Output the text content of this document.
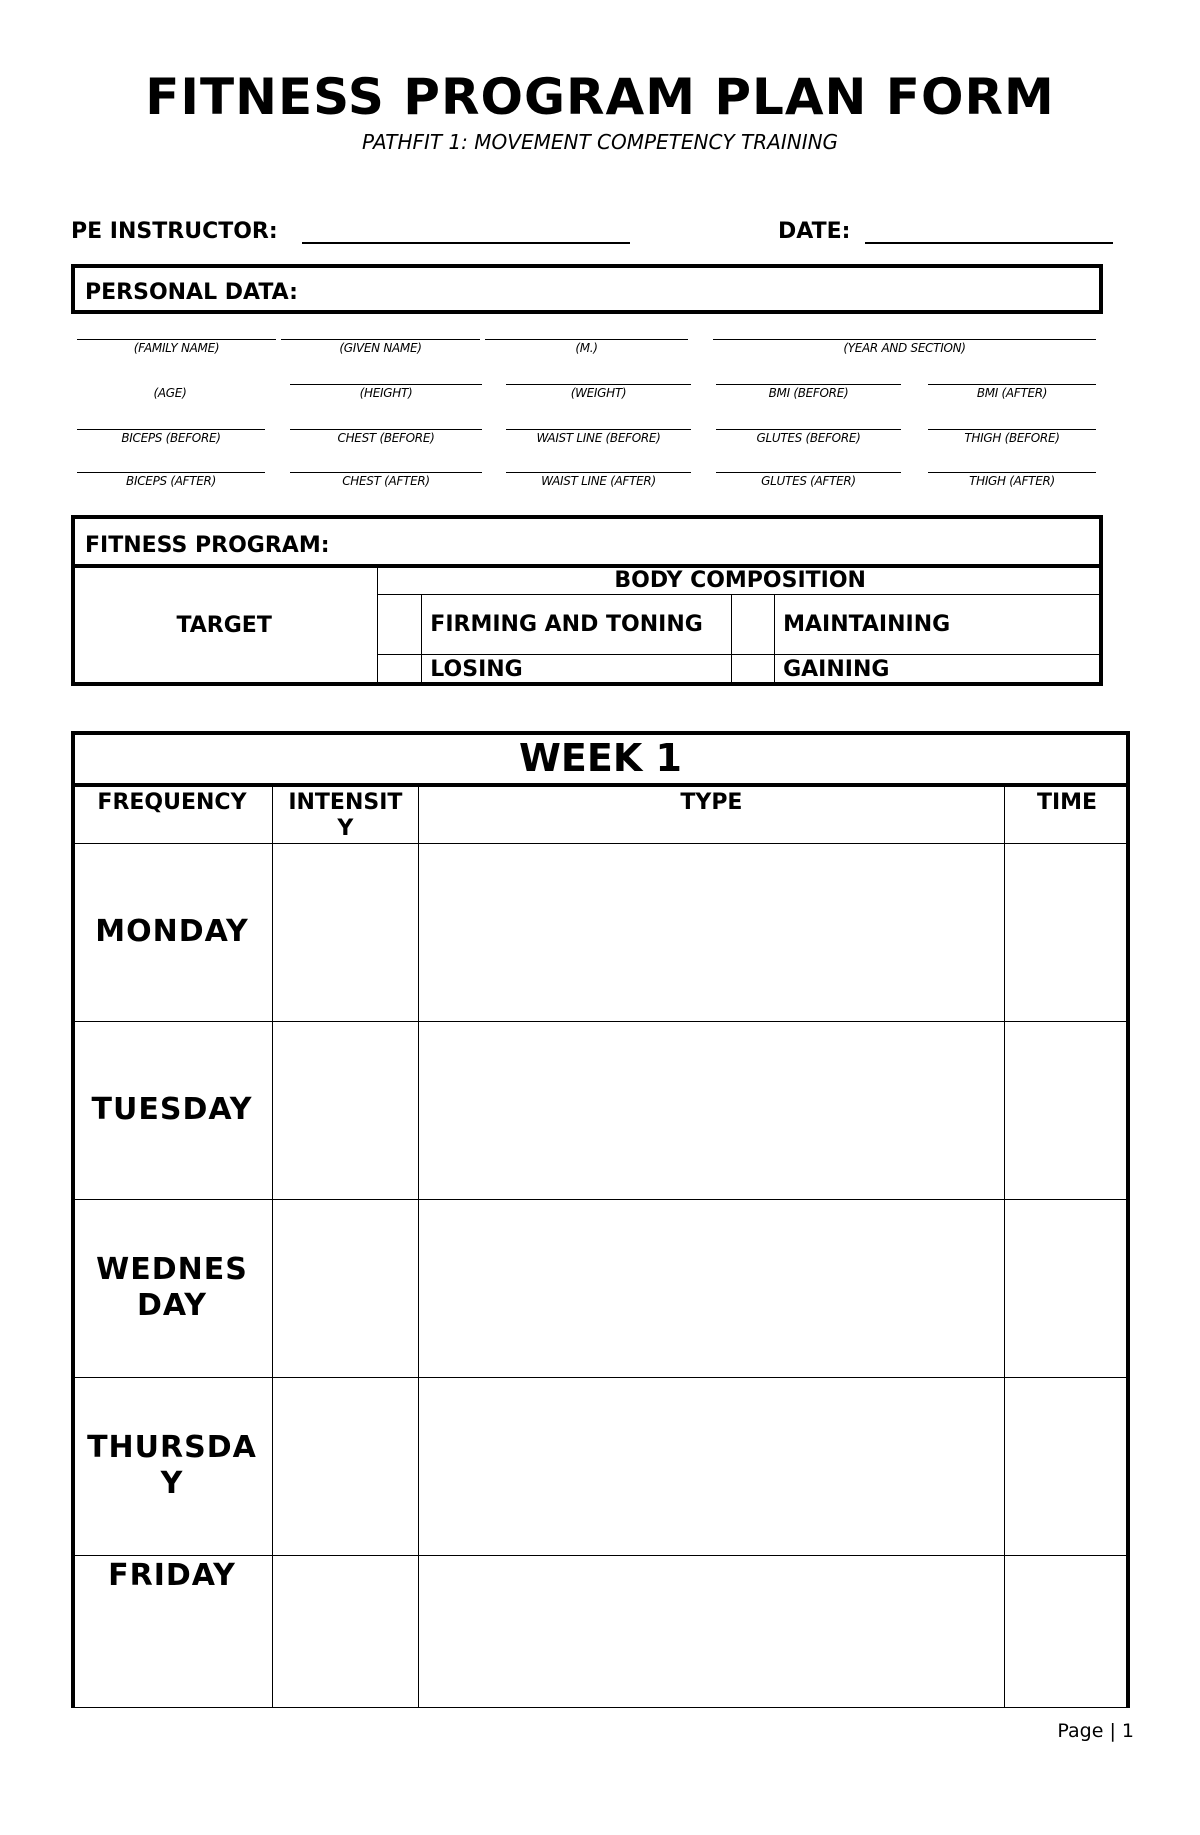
FITNESS PROGRAM PLAN FORM
PATHFIT 1: MOVEMENT COMPETENCY TRAINING
PE INSTRUCTOR:	DATE:
PERSONAL DATA:
(FAMILY NAME)	(GIVEN NAME)	(M.)	(YEAR AND SECTION)
(AGE)	(HEIGHT)	(WEIGHT)	BMI (BEFORE)	BMI (AFTER)
BICEPS (BEFORE)	CHEST (BEFORE)	WAIST LINE (BEFORE)	GLUTES (BEFORE)	THIGH (BEFORE)
BICEPS (AFTER)	CHEST (AFTER)	WAIST LINE (AFTER)	GLUTES (AFTER)	THIGH (AFTER)
FITNESS PROGRAM:
TARGET	BODY COMPOSITION			
		FIRMING AND TONING		MAINTAINING
		LOSING		GAINING
WEEK 1			
FREQUENCY	INTENSITY	TYPE	TIME
MONDAY			
TUESDAY			
WEDNESDAY			
THURSDAY			
FRIDAY			
Page | 1
